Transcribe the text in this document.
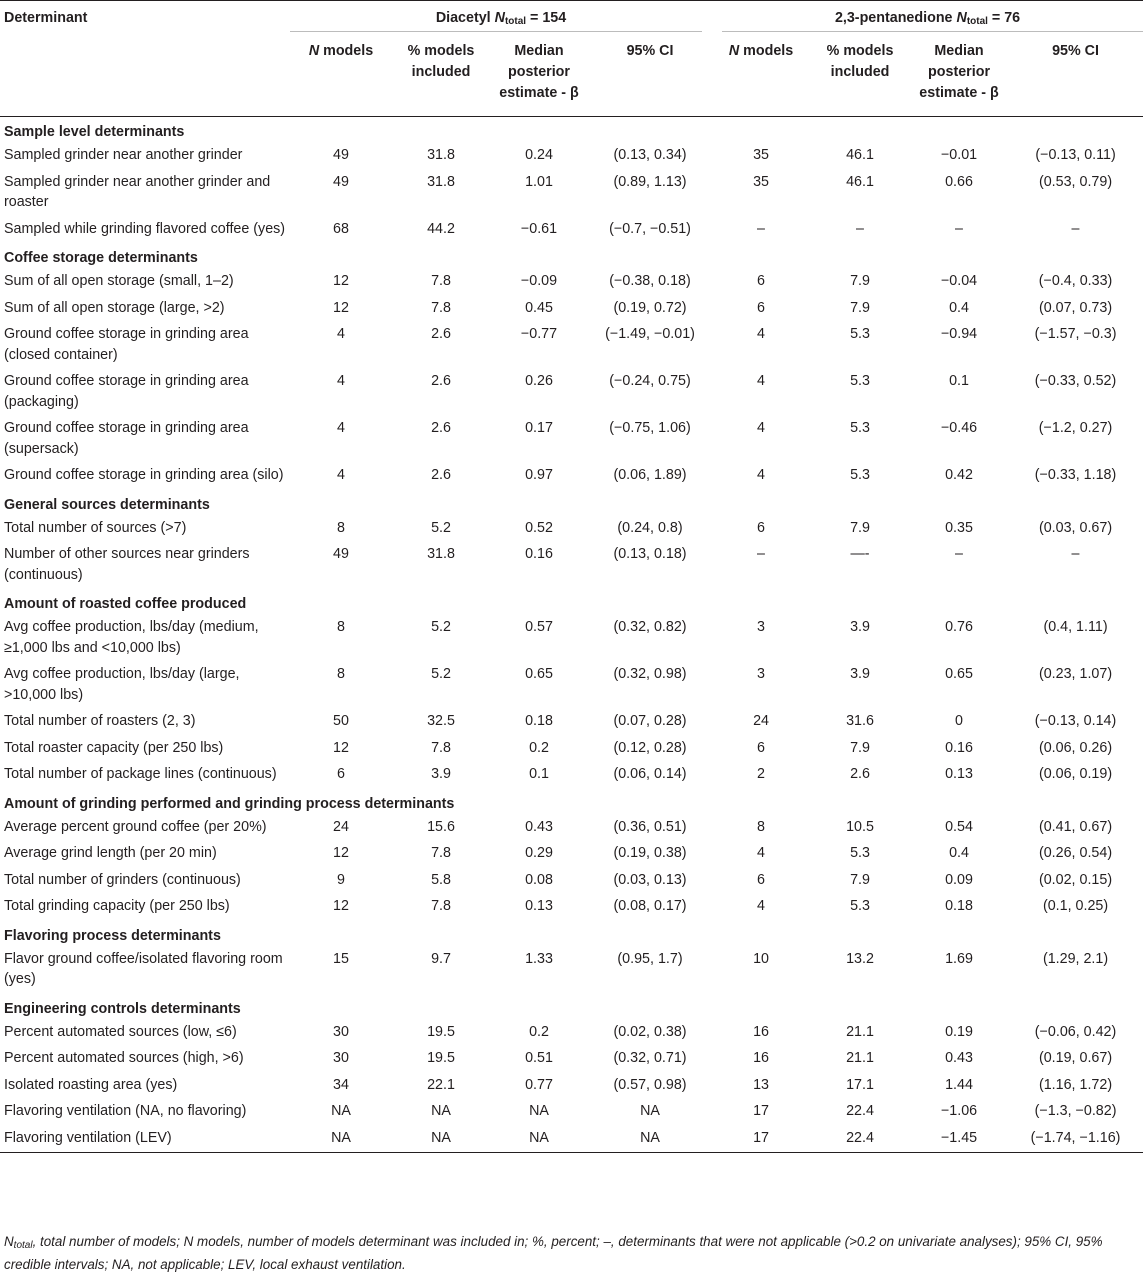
Determinant	Diacetyl $N_{total} = 154$				2,3-pentanedione $N_{total} = 76$			
	N models	% models included	Median posterior estimate - β	95% CI	N models	% models included	Median posterior estimate - β	95% CI
Sample level determinants								
Sampled grinder near another grinder	49	31.8	0.24	(0.13, 0.34)	35	46.1	−0.01	(−0.13, 0.11)
Sampled grinder near another grinder and roaster	49	31.8	1.01	(0.89, 1.13)	35	46.1	0.66	(0.53, 0.79)
Sampled while grinding flavored coffee (yes)	68	44.2	−0.61	(−0.7, −0.51)	–	–	–	–
Coffee storage determinants								
Sum of all open storage (small, 1–2)	12	7.8	−0.09	(−0.38, 0.18)	6	7.9	−0.04	(−0.4, 0.33)
Sum of all open storage (large, >2)	12	7.8	0.45	(0.19, 0.72)	6	7.9	0.4	(0.07, 0.73)
Ground coffee storage in grinding area (closed container)	4	2.6	−0.77	(−1.49, −0.01)	4	5.3	−0.94	(−1.57, −0.3)
Ground coffee storage in grinding area (packaging)	4	2.6	0.26	(−0.24, 0.75)	4	5.3	0.1	(−0.33, 0.52)
Ground coffee storage in grinding area (supersack)	4	2.6	0.17	(−0.75, 1.06)	4	5.3	−0.46	(−1.2, 0.27)
Ground coffee storage in grinding area (silo)	4	2.6	0.97	(0.06, 1.89)	4	5.3	0.42	(−0.33, 1.18)
General sources determinants								
Total number of sources (>7)	8	5.2	0.52	(0.24, 0.8)	6	7.9	0.35	(0.03, 0.67)
Number of other sources near grinders (continuous)	49	31.8	0.16	(0.13, 0.18)	–	—-	–	–
Amount of roasted coffee produced								
Avg coffee production, lbs/day (medium, ≥1,000 lbs and <10,000 lbs)	8	5.2	0.57	(0.32, 0.82)	3	3.9	0.76	(0.4, 1.11)
Avg coffee production, lbs/day (large, >10,000 lbs)	8	5.2	0.65	(0.32, 0.98)	3	3.9	0.65	(0.23, 1.07)
Total number of roasters (2, 3)	50	32.5	0.18	(0.07, 0.28)	24	31.6	0	(−0.13, 0.14)
Total roaster capacity (per 250 lbs)	12	7.8	0.2	(0.12, 0.28)	6	7.9	0.16	(0.06, 0.26)
Total number of package lines (continuous)	6	3.9	0.1	(0.06, 0.14)	2	2.6	0.13	(0.06, 0.19)
Amount of grinding performed and grinding process determinants								
Average percent ground coffee (per 20%)	24	15.6	0.43	(0.36, 0.51)	8	10.5	0.54	(0.41, 0.67)
Average grind length (per 20 min)	12	7.8	0.29	(0.19, 0.38)	4	5.3	0.4	(0.26, 0.54)
Total number of grinders (continuous)	9	5.8	0.08	(0.03, 0.13)	6	7.9	0.09	(0.02, 0.15)
Total grinding capacity (per 250 lbs)	12	7.8	0.13	(0.08, 0.17)	4	5.3	0.18	(0.1, 0.25)
Flavoring process determinants								
Flavor ground coffee/isolated flavoring room (yes)	15	9.7	1.33	(0.95, 1.7)	10	13.2	1.69	(1.29, 2.1)
Engineering controls determinants								
Percent automated sources (low, ≤6)	30	19.5	0.2	(0.02, 0.38)	16	21.1	0.19	(−0.06, 0.42)
Percent automated sources (high, >6)	30	19.5	0.51	(0.32, 0.71)	16	21.1	0.43	(0.19, 0.67)
Isolated roasting area (yes)	34	22.1	0.77	(0.57, 0.98)	13	17.1	1.44	(1.16, 1.72)
Flavoring ventilation (NA, no flavoring)	NA	NA	NA	NA	17	22.4	−1.06	(−1.3, −0.82)
Flavoring ventilation (LEV)	NA	NA	NA	NA	17	22.4	−1.45	(−1.74, −1.16)
$N_{total}$, total number of models; N models, number of models determinant was included in; %, percent; –, determinants that were not applicable (>0.2 on univariate analyses); 95% CI, 95% credible intervals; NA, not applicable; LEV, local exhaust ventilation.
